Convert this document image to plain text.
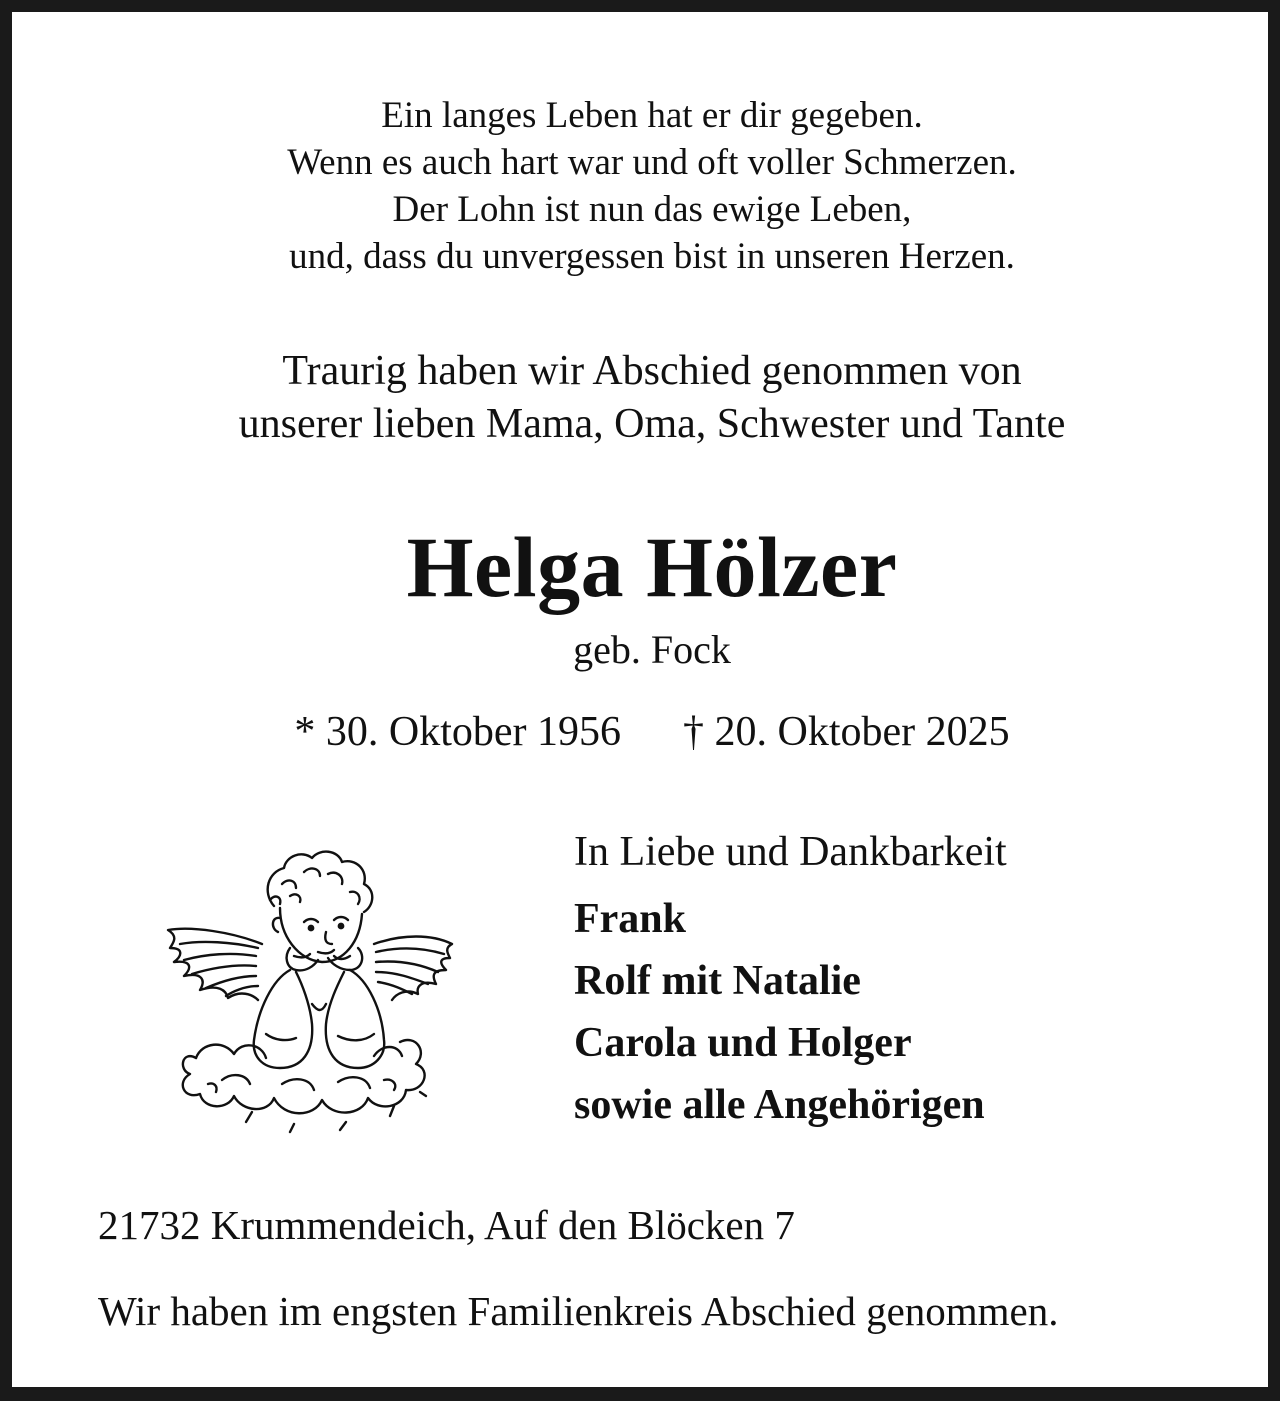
Ein langes Leben hat er dir gegeben.
Wenn es auch hart war und oft voller Schmerzen.
Der Lohn ist nun das ewige Leben,
und, dass du unvergessen bist in unseren Herzen.
Traurig haben wir Abschied genommen von
unserer lieben Mama, Oma, Schwester und Tante
Helga Hölzer
geb. Fock
* 30. Oktober 1956 † 20. Oktober 2025
In Liebe und Dankbarkeit
Frank
Rolf mit Natalie
Carola und Holger
sowie alle Angehörigen
21732 Krummendeich, Auf den Blöcken 7
Wir haben im engsten Familienkreis Abschied genommen.
